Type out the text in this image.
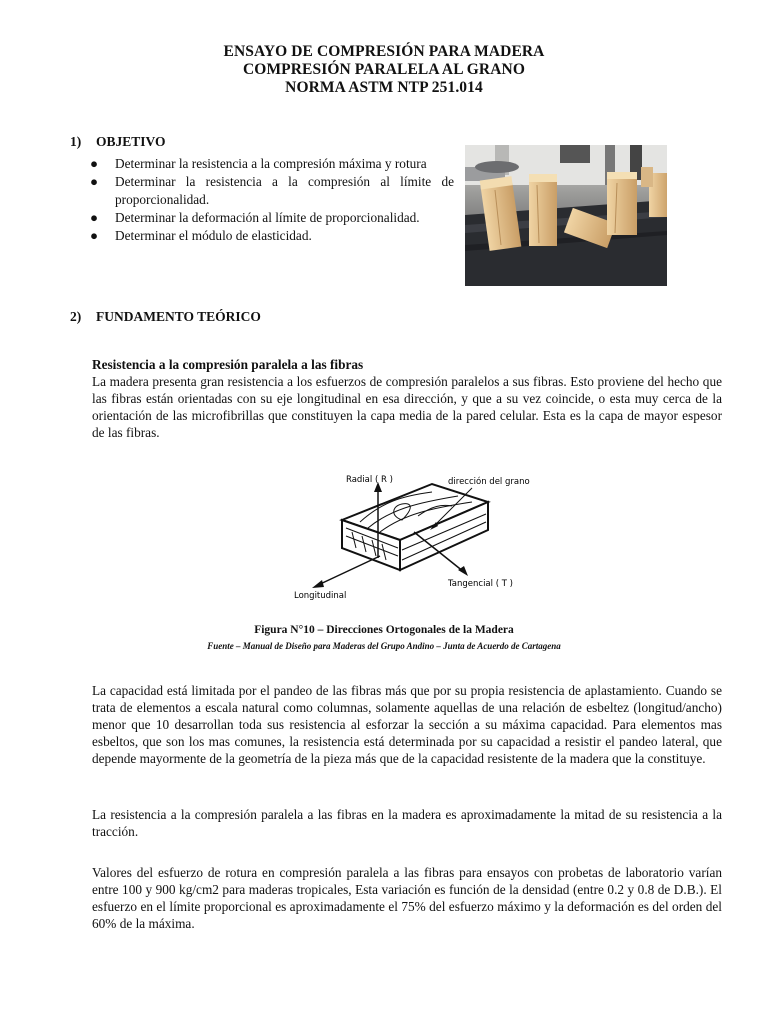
ENSAYO DE COMPRESIÓN PARA MADERA
COMPRESIÓN PARALELA AL GRANO
NORMA ASTM NTP 251.014
1) OBJETIVO
● Determinar la resistencia a la compresión máxima y rotura
● Determinar la resistencia a la compresión al límite de proporcionalidad.
● Determinar la deformación al límite de proporcionalidad.
● Determinar el módulo de elasticidad.
2) FUNDAMENTO TEÓRICO
Resistencia a la compresión paralela a las fibras
La madera presenta gran resistencia a los esfuerzos de compresión paralelos a sus fibras. Esto proviene del hecho que las fibras están orientadas con su eje longitudinal en esa dirección, y que a su vez coincide, o esta muy cerca de la orientación de las microfibrillas que constituyen la capa media de la pared celular. Esta es la capa de mayor espesor de las fibras.
Radial ( R )	dirección del grano
Tangencial ( T )
Longitudinal
Figura N°10 – Direcciones Ortogonales de la Madera
Fuente – Manual de Diseño para Maderas del Grupo Andino – Junta de Acuerdo de Cartagena
La capacidad está limitada por el pandeo de las fibras más que por su propia resistencia de aplastamiento. Cuando se trata de elementos a escala natural como columnas, solamente aquellas de una relación de esbeltez (longitud/ancho) menor que 10 desarrollan toda sus resistencia al esforzar la sección a su máxima capacidad. Para elementos mas esbeltos, que son los mas comunes, la resistencia está determinada por su capacidad a resistir el pandeo lateral, que depende mayormente de la geometría de la pieza más que de la capacidad resistente de la madera que la constituye.
La resistencia a la compresión paralela a las fibras en la madera es aproximadamente la mitad de su resistencia a la tracción.
Valores del esfuerzo de rotura en compresión paralela a las fibras para ensayos con probetas de laboratorio varían entre 100 y 900 kg/cm2 para maderas tropicales, Esta variación es función de la densidad (entre 0.2 y 0.8 de D.B.). El esfuerzo en el límite proporcional es aproximadamente el 75% del esfuerzo máximo y la deformación es del orden del 60% de la máxima.
